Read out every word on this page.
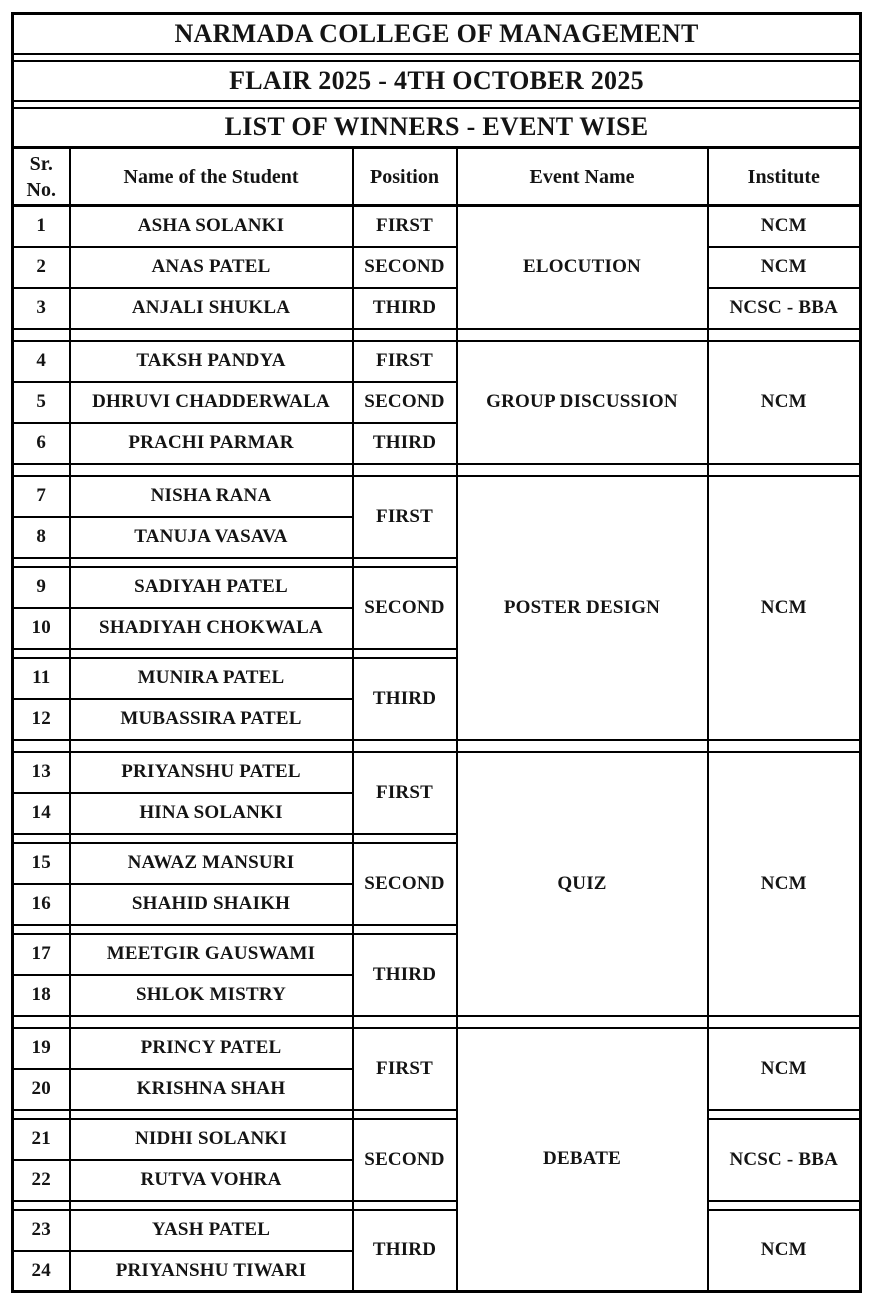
NARMADA COLLEGE OF MANAGEMENT				

FLAIR 2025 - 4TH OCTOBER 2025				

LIST OF WINNERS - EVENT WISE				
Sr. No.	Name of the Student	Position	Event Name	Institute
1	ASHA SOLANKI	FIRST	ELOCUTION	NCM
2	ANAS PATEL	SECOND		NCM
3	ANJALI SHUKLA	THIRD		NCSC - BBA

4	TAKSH PANDYA	FIRST	GROUP DISCUSSION	NCM
5	DHRUVI CHADDERWALA	SECOND		
6	PRACHI PARMAR	THIRD		

7	NISHA RANA	FIRST	POSTER DESIGN	NCM
8	TANUJA VASAVA			

9	SADIYAH PATEL	SECOND		
10	SHADIYAH CHOKWALA			

11	MUNIRA PATEL	THIRD		
12	MUBASSIRA PATEL			

13	PRIYANSHU PATEL	FIRST	QUIZ	NCM
14	HINA SOLANKI			

15	NAWAZ MANSURI	SECOND		
16	SHAHID SHAIKH			

17	MEETGIR GAUSWAMI	THIRD		
18	SHLOK MISTRY			

19	PRINCY PATEL	FIRST	DEBATE	NCM
20	KRISHNA SHAH			

21	NIDHI SOLANKI	SECOND		NCSC - BBA
22	RUTVA VOHRA			

23	YASH PATEL	THIRD		NCM
24	PRIYANSHU TIWARI			
